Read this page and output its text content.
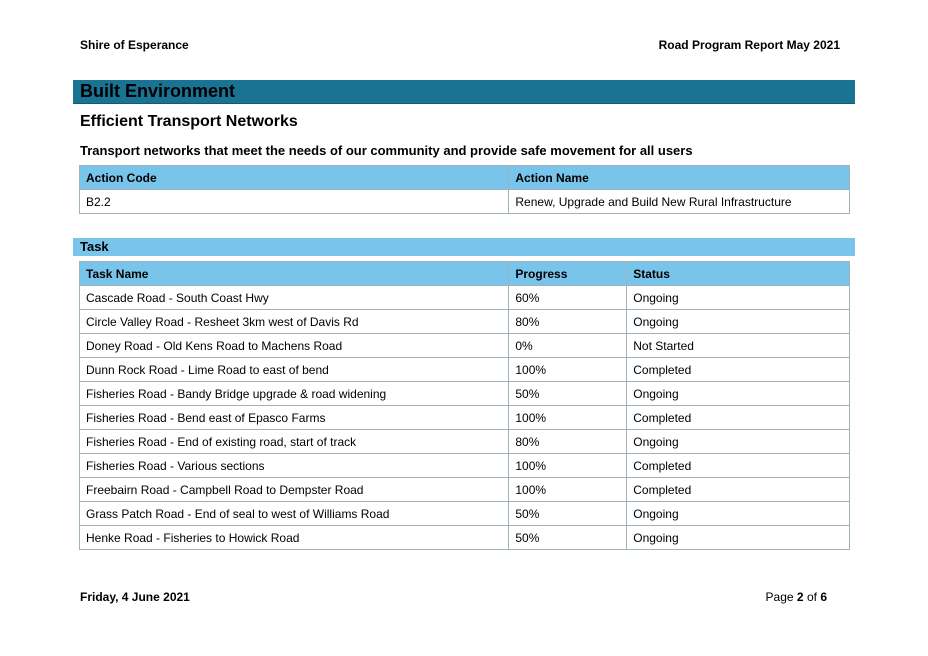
Shire of Esperance	Road Program Report May 2021
Built Environment
Efficient Transport Networks
Transport networks that meet the needs of our community and provide safe movement for all users
Action Code	Action Name
B2.2	Renew, Upgrade and Build New Rural Infrastructure
Task
Task Name	Progress	Status
Cascade Road - South Coast Hwy	60%	Ongoing
Circle Valley Road - Resheet 3km west of Davis Rd	80%	Ongoing
Doney Road - Old Kens Road to Machens Road	0%	Not Started
Dunn Rock Road - Lime Road to east of bend	100%	Completed
Fisheries Road - Bandy Bridge upgrade & road widening	50%	Ongoing
Fisheries Road - Bend east of Epasco Farms	100%	Completed
Fisheries Road - End of existing road, start of track	80%	Ongoing
Fisheries Road - Various sections	100%	Completed
Freebairn Road - Campbell Road to Dempster Road	100%	Completed
Grass Patch Road - End of seal to west of Williams Road	50%	Ongoing
Henke Road - Fisheries to Howick Road	50%	Ongoing
Friday, 4 June 2021	Page 2 of 6
